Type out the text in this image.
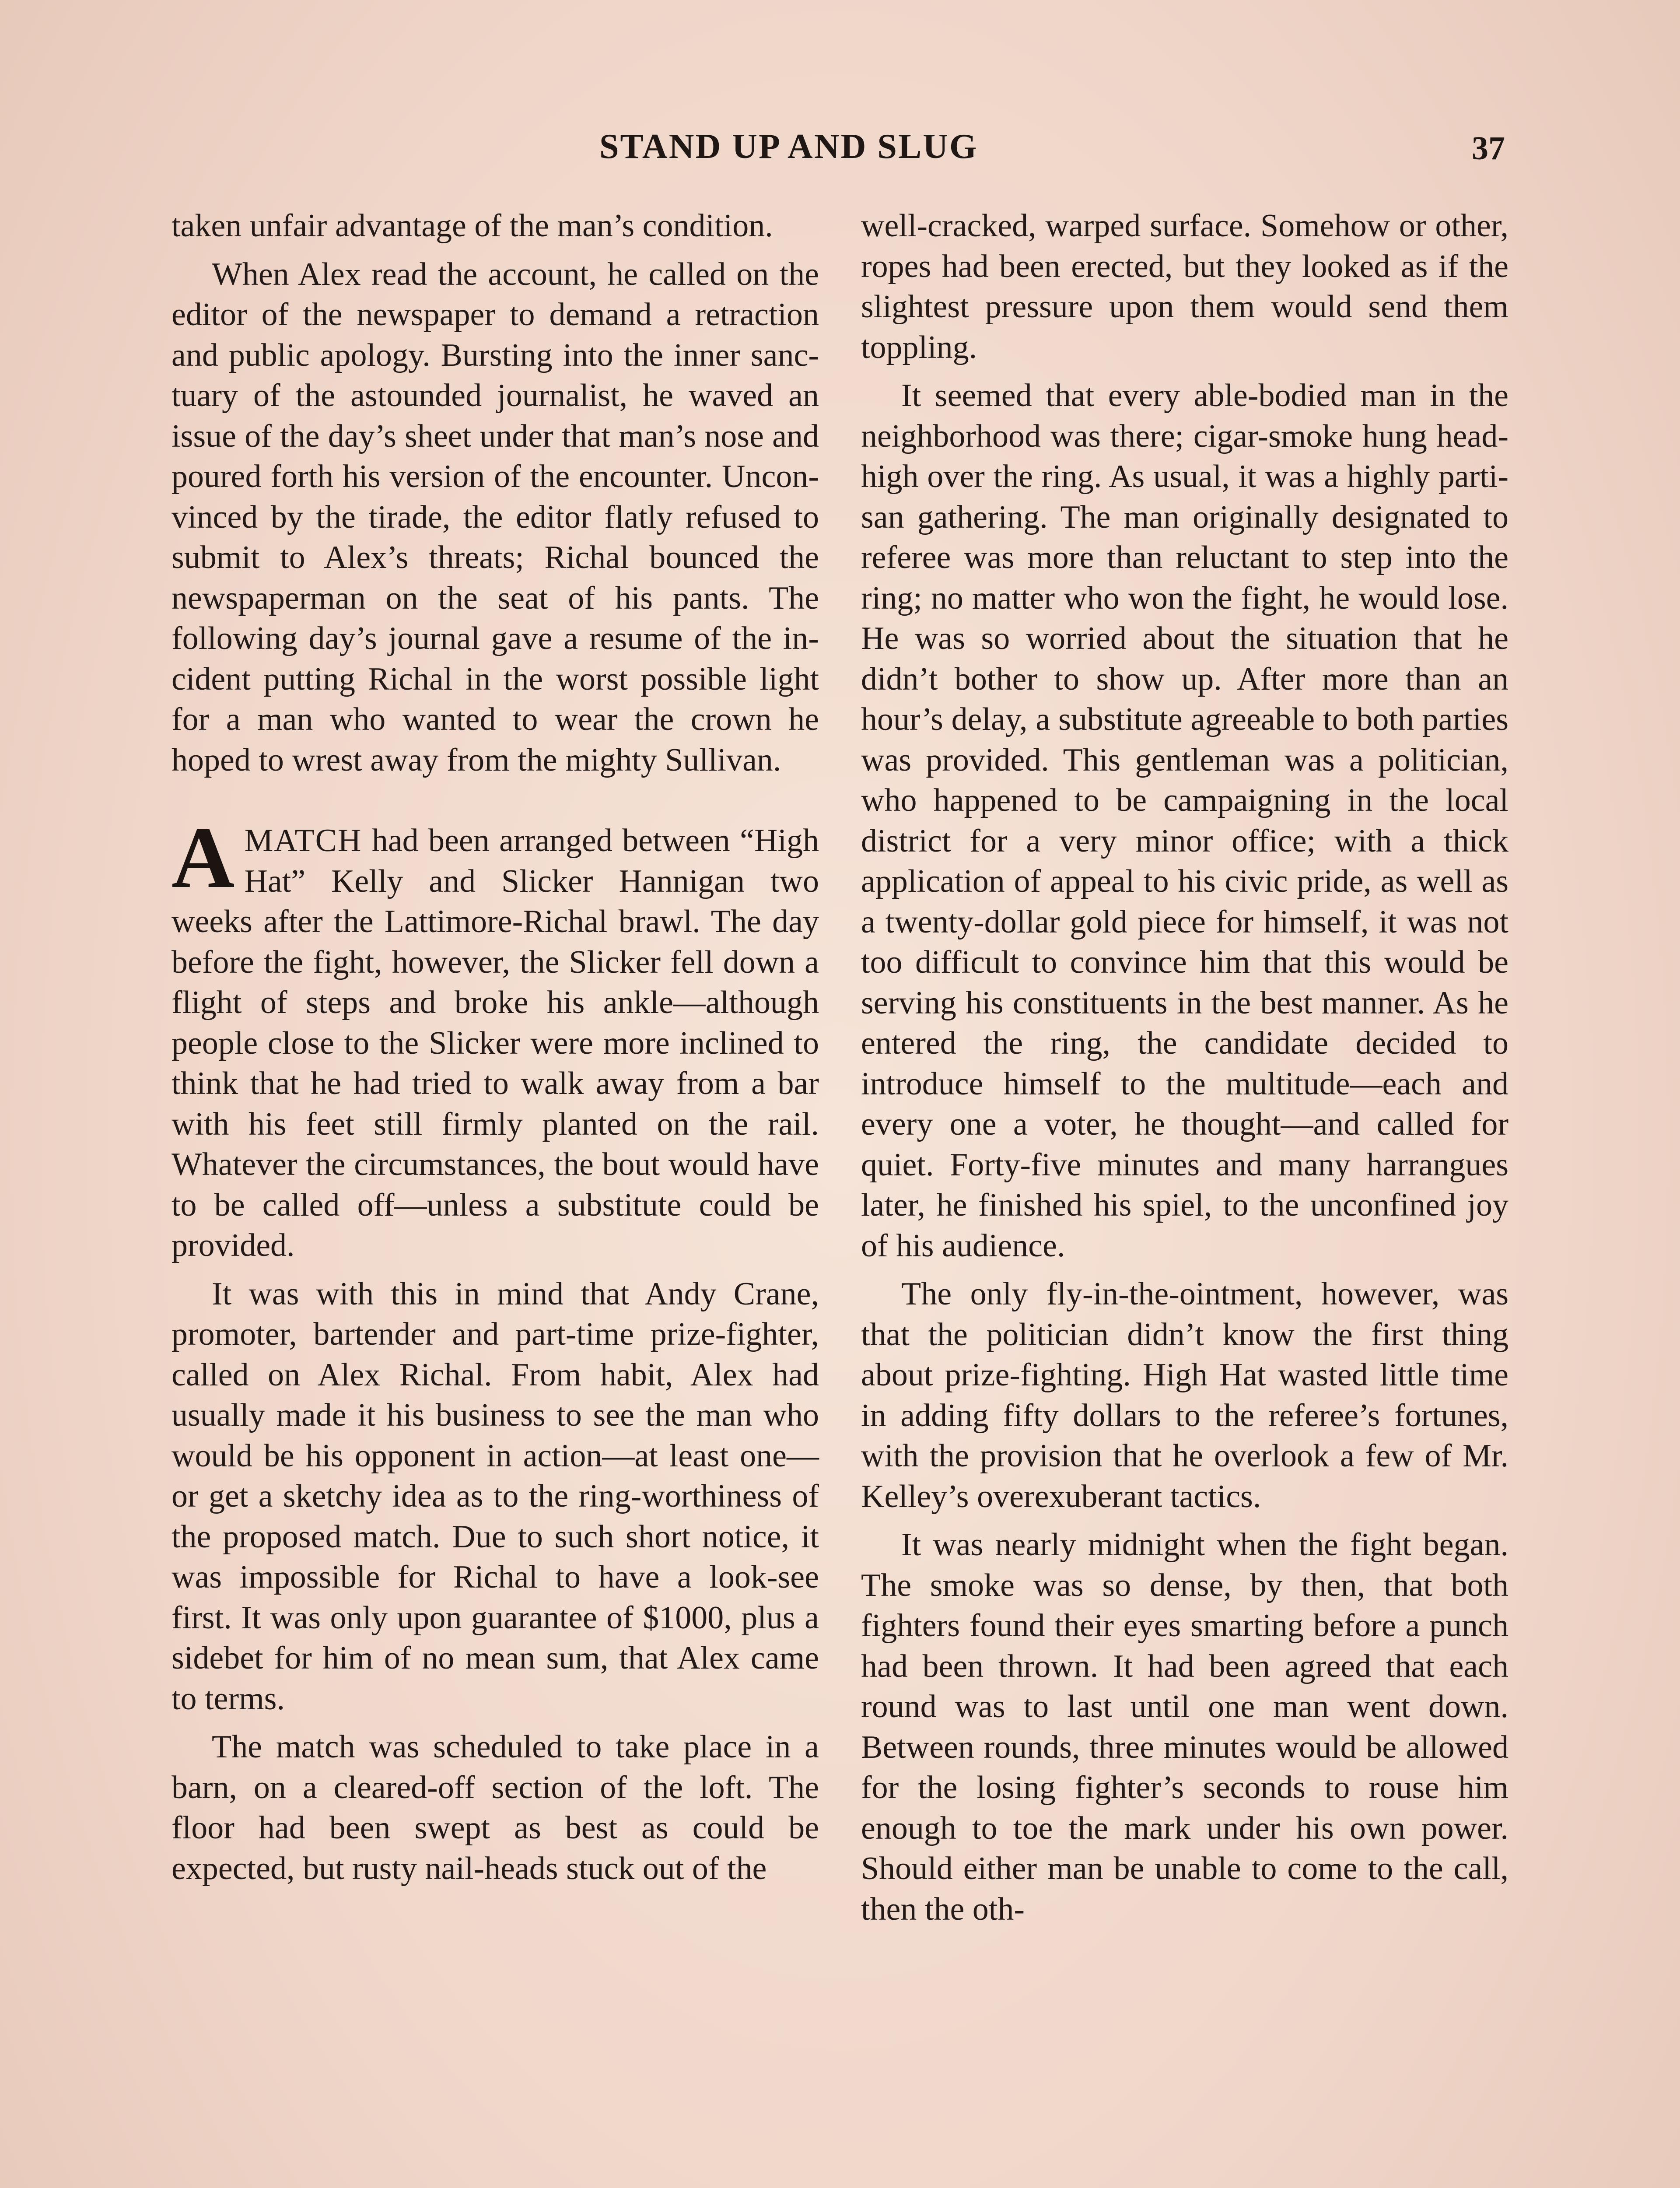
STAND UP AND SLUG	37

taken unfair advantage of the man’s condition.

When Alex read the account, he called on the editor of the newspaper to demand a retraction and public apology. Bursting into the inner sanctuary of the astounded journalist, he waved an issue of the day’s sheet under that man’s nose and poured forth his version of the encounter. Unconvinced by the tirade, the editor flatly refused to submit to Alex’s threats; Richal bounced the newspaperman on the seat of his pants. The following day’s journal gave a resume of the incident putting Richal in the worst possible light for a man who wanted to wear the crown he hoped to wrest away from the mighty Sullivan.

AMATCH had been arranged between “High Hat” Kelly and Slicker Hannigan two weeks after the Lattimore-Richal brawl. The day before the fight, however, the Slicker fell down a flight of steps and broke his ankle—although people close to the Slicker were more inclined to think that he had tried to walk away from a bar with his feet still firmly planted on the rail. Whatever the circumstances, the bout would have to be called off—unless a substitute could be provided.

It was with this in mind that Andy Crane, promoter, bartender and part-time prize-fighter, called on Alex Richal. From habit, Alex had usually made it his business to see the man who would be his opponent in action—at least one—or get a sketchy idea as to the ring-worthiness of the proposed match. Due to such short notice, it was impossible for Richal to have a look-see first. It was only upon guarantee of $1000, plus a sidebet for him of no mean sum, that Alex came to terms.

The match was scheduled to take place in a barn, on a cleared-off section of the loft. The floor had been swept as best as could be expected, but rusty nail-heads stuck out of the

well-cracked, warped surface. Somehow or other, ropes had been erected, but they looked as if the slightest pressure upon them would send them toppling.

It seemed that every able-bodied man in the neighborhood was there; cigar-smoke hung head-high over the ring. As usual, it was a highly partisan gathering. The man originally designated to referee was more than reluctant to step into the ring; no matter who won the fight, he would lose. He was so worried about the situation that he didn’t bother to show up. After more than an hour’s delay, a substitute agreeable to both parties was provided. This gentleman was a politician, who happened to be campaigning in the local district for a very minor office; with a thick application of appeal to his civic pride, as well as a twenty-dollar gold piece for himself, it was not too difficult to convince him that this would be serving his constituents in the best manner. As he entered the ring, the candidate decided to introduce himself to the multitude—each and every one a voter, he thought—and called for quiet. Forty-five minutes and many harrangues later, he finished his spiel, to the unconfined joy of his audience.

The only fly-in-the-ointment, however, was that the politician didn’t know the first thing about prize-fighting. High Hat wasted little time in adding fifty dollars to the referee’s fortunes, with the provision that he overlook a few of Mr. Kelley’s overexuberant tactics.

It was nearly midnight when the fight began. The smoke was so dense, by then, that both fighters found their eyes smarting before a punch had been thrown. It had been agreed that each round was to last until one man went down. Between rounds, three minutes would be allowed for the losing fighter’s seconds to rouse him enough to toe the mark under his own power. Should either man be unable to come to the call, then the oth-
